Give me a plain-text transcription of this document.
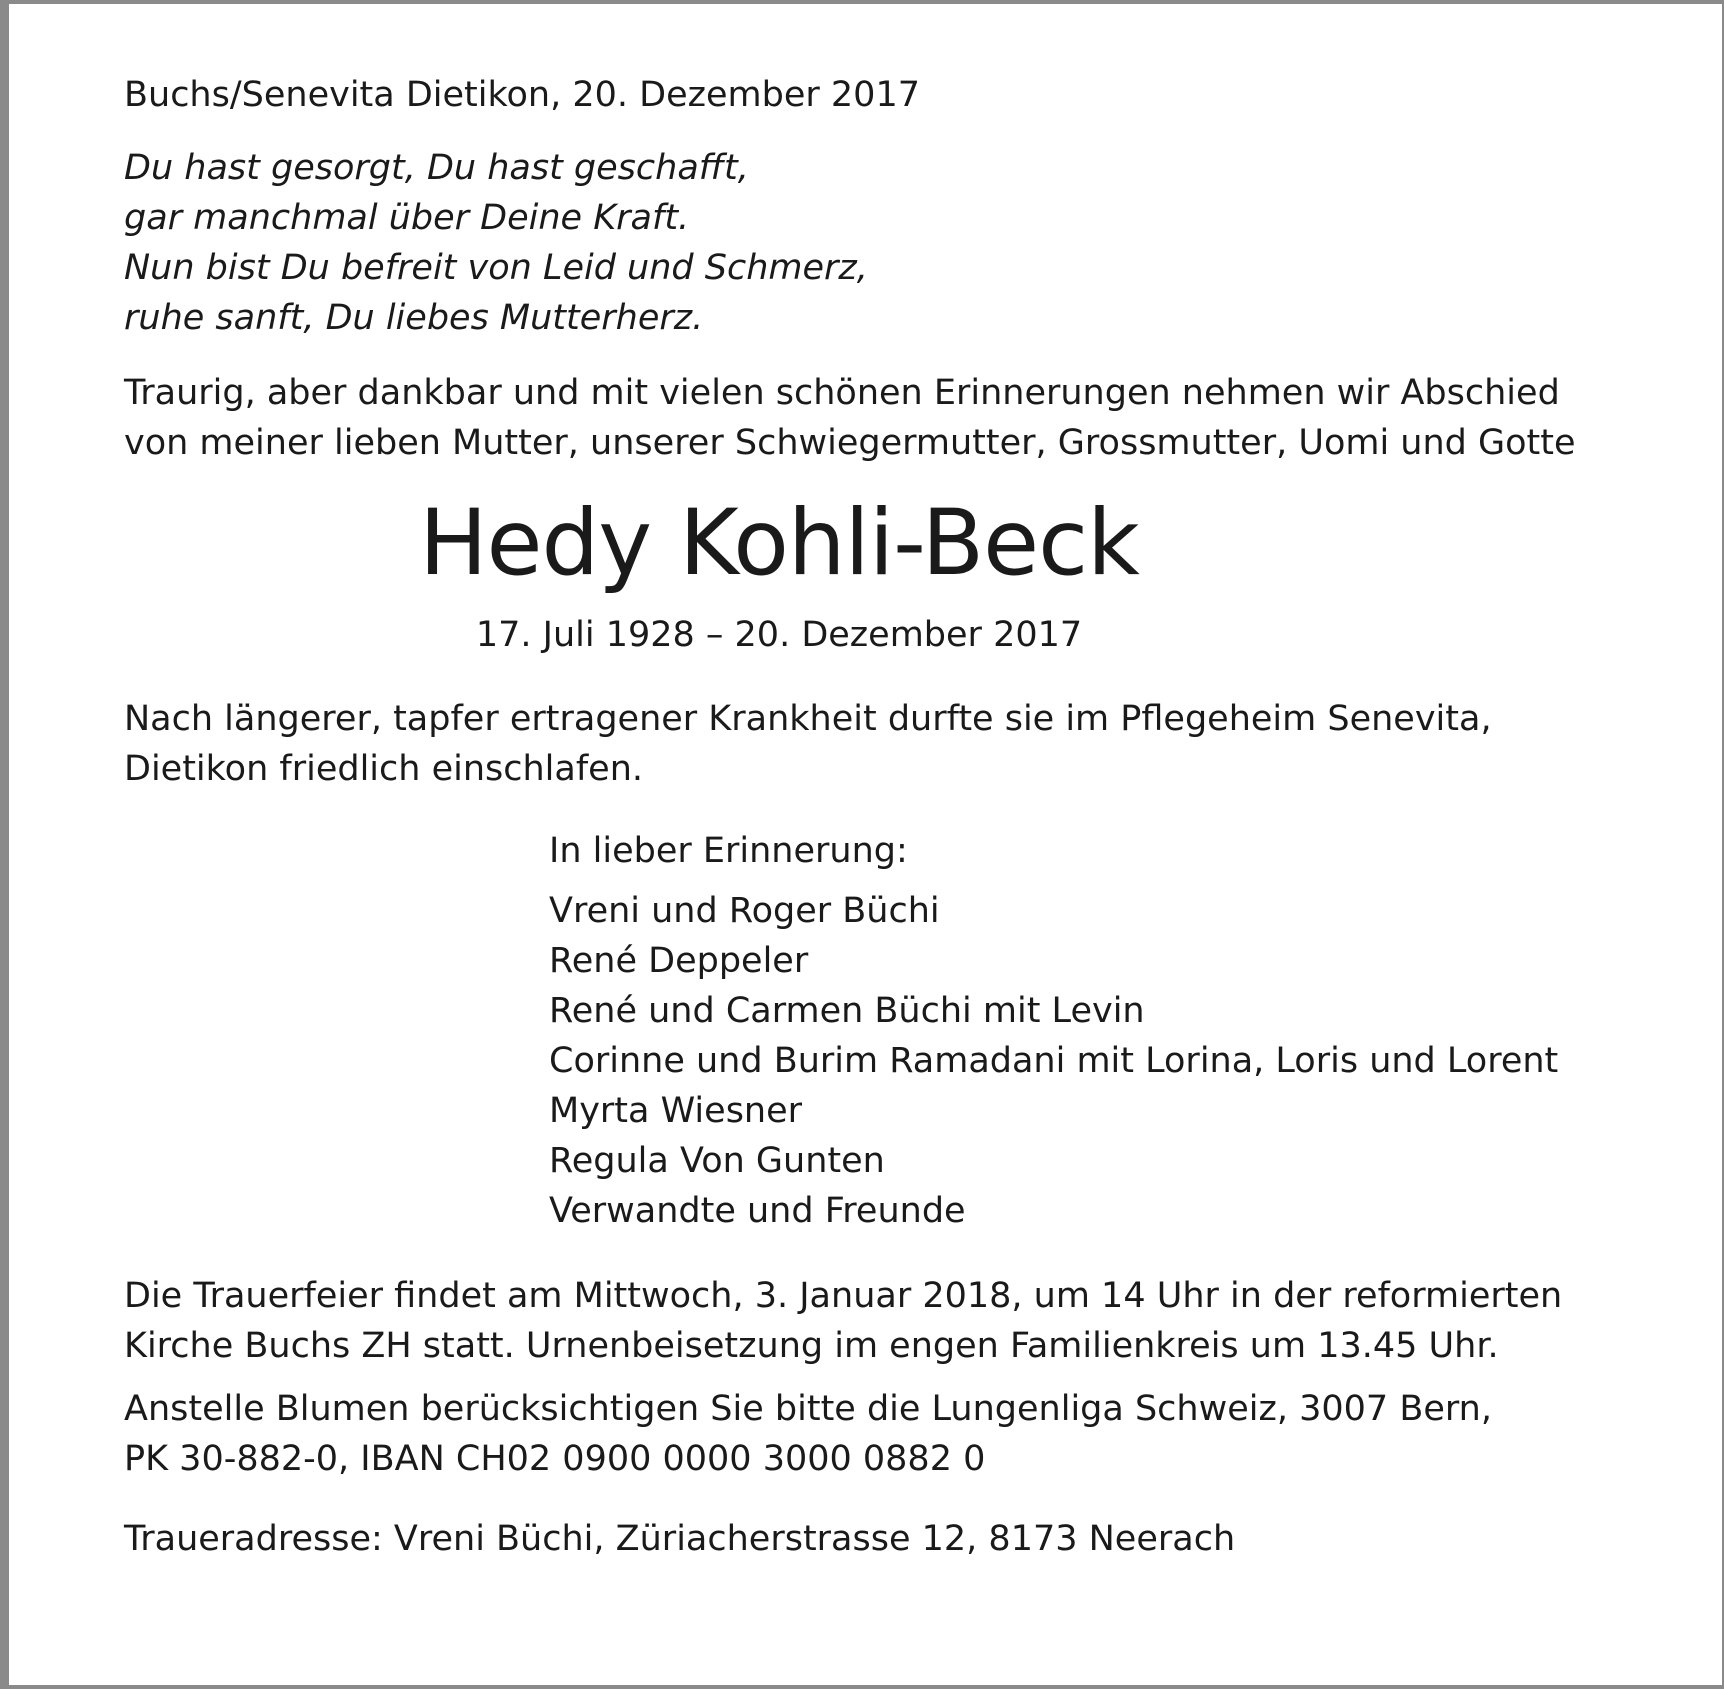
Buchs/Senevita Dietikon, 20. Dezember 2017

Du hast gesorgt, Du hast geschafft,

gar manchmal über Deine Kraft.

Nun bist Du befreit von Leid und Schmerz,

ruhe sanft, Du liebes Mutterherz.

Traurig, aber dankbar und mit vielen schönen Erinnerungen nehmen wir Abschied

von meiner lieben Mutter, unserer Schwiegermutter, Grossmutter, Uomi und Gotte

Hedy Kohli-Beck

17. Juli 1928 – 20. Dezember 2017

Nach längerer, tapfer ertragener Krankheit durfte sie im Pflegeheim Senevita,

Dietikon friedlich einschlafen.

In lieber Erinnerung:

Vreni und Roger Büchi

René Deppeler

René und Carmen Büchi mit Levin

Corinne und Burim Ramadani mit Lorina, Loris und Lorent

Myrta Wiesner

Regula Von Gunten

Verwandte und Freunde

Die Trauerfeier findet am Mittwoch, 3. Januar 2018, um 14 Uhr in der reformierten

Kirche Buchs ZH statt. Urnenbeisetzung im engen Familienkreis um 13.45 Uhr.

Anstelle Blumen berücksichtigen Sie bitte die Lungenliga Schweiz, 3007 Bern,

PK 30-882-0, IBAN CH02 0900 0000 3000 0882 0

Traueradresse: Vreni Büchi, Züriacherstrasse 12, 8173 Neerach
